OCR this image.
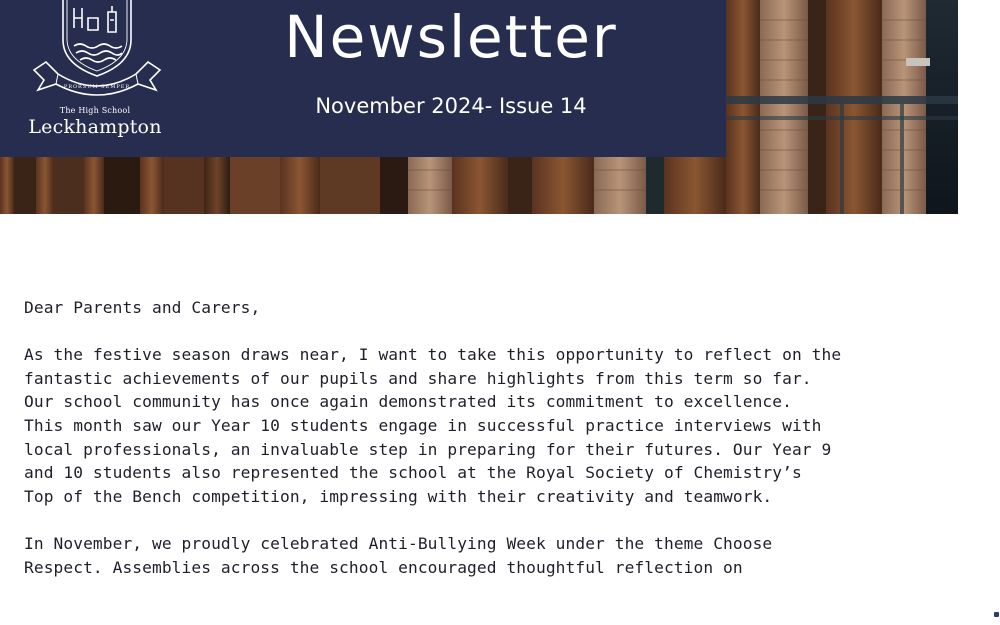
PRORSUM SEMPER
The High School
Leckhampton
Newsletter
November 2024- Issue 14
Dear Parents and Carers,
As the festive season draws near, I want to take this opportunity to reflect on the
fantastic achievements of our pupils and share highlights from this term so far.
Our school community has once again demonstrated its commitment to excellence.
This month saw our Year 10 students engage in successful practice interviews with
local professionals, an invaluable step in preparing for their futures. Our Year 9
and 10 students also represented the school at the Royal Society of Chemistry’s
Top of the Bench competition, impressing with their creativity and teamwork.
In November, we proudly celebrated Anti-Bullying Week under the theme Choose
Respect. Assemblies across the school encouraged thoughtful reflection on
